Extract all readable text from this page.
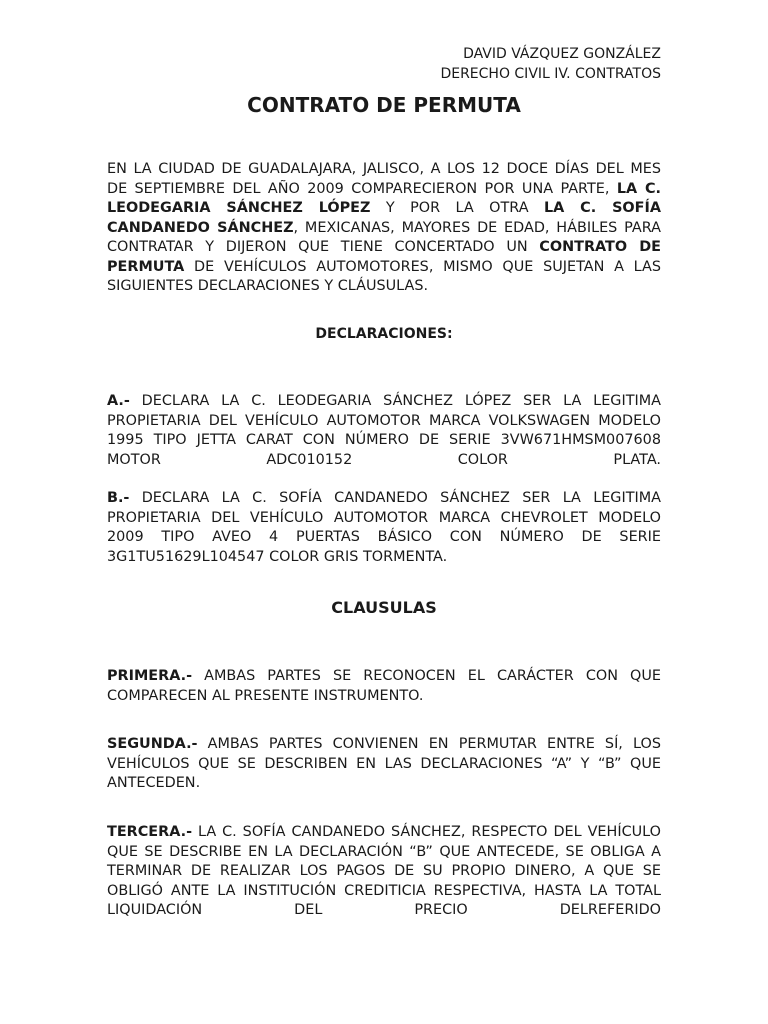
DAVID VÁZQUEZ GONZÁLEZ
DERECHO CIVIL IV. CONTRATOS
CONTRATO DE PERMUTA

EN LA CIUDAD DE GUADALAJARA, JALISCO, A LOS 12 DOCE DÍAS DEL MES DE SEPTIEMBRE DEL AÑO 2009 COMPARECIERON POR UNA PARTE, LA C. LEODEGARIA SÁNCHEZ LÓPEZ Y POR LA OTRA LA C. SOFÍA CANDANEDO SÁNCHEZ, MEXICANAS, MAYORES DE EDAD, HÁBILES PARA CONTRATAR Y DIJERON QUE TIENE CONCERTADO UN CONTRATO DE PERMUTA DE VEHÍCULOS AUTOMOTORES, MISMO QUE SUJETAN A LAS SIGUIENTES DECLARACIONES Y CLÁUSULAS.

DECLARACIONES:

A.- DECLARA LA C. LEODEGARIA SÁNCHEZ LÓPEZ SER LA LEGITIMA PROPIETARIA DEL VEHÍCULO AUTOMOTOR MARCA VOLKSWAGEN MODELO 1995 TIPO JETTA CARAT CON NÚMERO DE SERIE 3VW671HMSM007608 MOTOR ADC010152 COLOR PLATA.

B.- DECLARA LA C. SOFÍA CANDANEDO SÁNCHEZ SER LA LEGITIMA PROPIETARIA DEL VEHÍCULO AUTOMOTOR MARCA CHEVROLET MODELO 2009 TIPO AVEO 4 PUERTAS BÁSICO CON NÚMERO DE SERIE 3G1TU51629L104547 COLOR GRIS TORMENTA.

CLAUSULAS

PRIMERA.- AMBAS PARTES SE RECONOCEN EL CARÁCTER CON QUE COMPARECEN AL PRESENTE INSTRUMENTO.

SEGUNDA.- AMBAS PARTES CONVIENEN EN PERMUTAR ENTRE SÍ, LOS VEHÍCULOS QUE SE DESCRIBEN EN LAS DECLARACIONES “A” Y “B” QUE ANTECEDEN.

TERCERA.- LA C. SOFÍA CANDANEDO SÁNCHEZ, RESPECTO DEL VEHÍCULO QUE SE DESCRIBE EN LA DECLARACIÓN “B” QUE ANTECEDE, SE OBLIGA A TERMINAR DE REALIZAR LOS PAGOS DE SU PROPIO DINERO, A QUE SE OBLIGÓ ANTE LA INSTITUCIÓN CREDITICIA RESPECTIVA, HASTA LA TOTAL LIQUIDACIÓN DEL PRECIO DELREFERIDO
